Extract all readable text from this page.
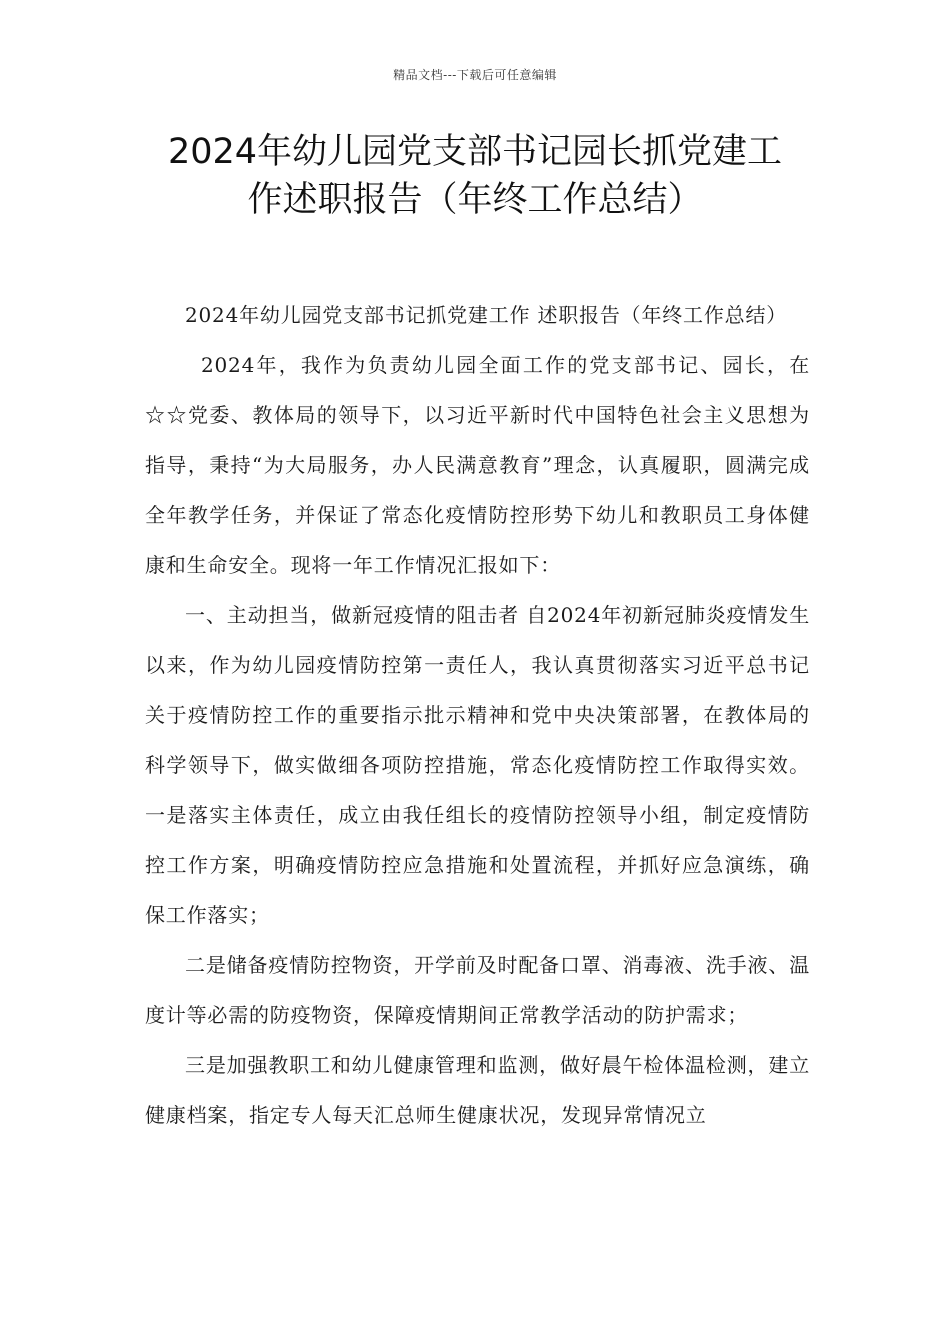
精品文档---下载后可任意编辑
2024年幼儿园党支部书记园长抓党建工
作述职报告（年终工作总结）

2024年幼儿园党支部书记抓党建工作 述职报告（年终工作总结）

2024年，我作为负责幼儿园全面工作的党支部书记、园长，在☆☆党委、教体局的领导下，以习近平新时代中国特色社会主义思想为指导，秉持“为大局服务，办人民满意教育”理念，认真履职，圆满完成全年教学任务，并保证了常态化疫情防控形势下幼儿和教职员工身体健康和生命安全。现将一年工作情况汇报如下：

一、主动担当，做新冠疫情的阻击者 自2024年初新冠肺炎疫情发生以来，作为幼儿园疫情防控第一责任人，我认真贯彻落实习近平总书记关于疫情防控工作的重要指示批示精神和党中央决策部署，在教体局的科学领导下，做实做细各项防控措施，常态化疫情防控工作取得实效。一是落实主体责任，成立由我任组长的疫情防控领导小组，制定疫情防控工作方案，明确疫情防控应急措施和处置流程，并抓好应急演练，确保工作落实；

二是储备疫情防控物资，开学前及时配备口罩、消毒液、洗手液、温度计等必需的防疫物资，保障疫情期间正常教学活动的防护需求；

三是加强教职工和幼儿健康管理和监测，做好晨午检体温检测，建立健康档案，指定专人每天汇总师生健康状况，发现异常情况立
